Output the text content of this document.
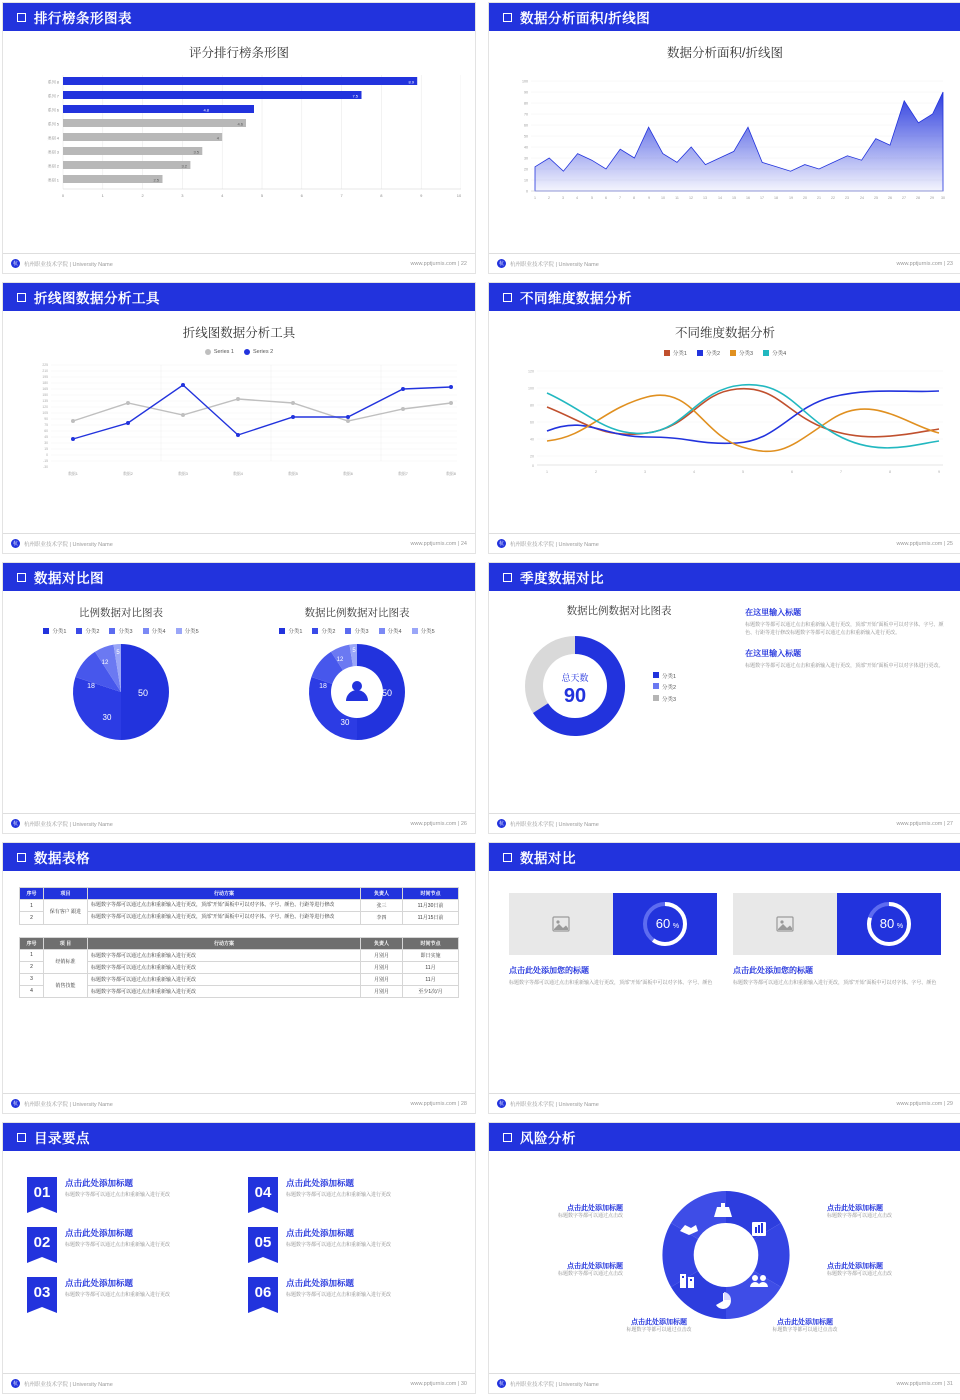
排行榜条形图表
评分排行榜条形图
8.9
7.5
4.8
4.6
4
3.5
3.2
2.5
系列 8
系列 7
系列 6
系列 5
类别 4
类别 3
类别 2
类别 1
0	1	2	3	4	5	6	7	8	9	10
杭	杭州职业技术学院 | University Name	www.pptjurnis.com | 22
数据分析面积/折线图
数据分析面积/折线图
100
90
80
70
60
50
40
30
20
10
0
1	2	3	4	5	6	7	8	9	10	11	12	13	14	15	16	17	18	19	20	21	22	23	24	25	26	27	28	29 30
杭	杭州职业技术学院 | University Name	www.pptjurnis.com | 23
折线图数据分析工具
折线图数据分析工具
Series 1	Series 2
225
210
195
180
165
150
135
120
105
90
75
60
45
30
15
0
-15
-30
数据1	数据2	数据3	数据4	数据5	数据6	数据7	数据8
杭	杭州职业技术学院 | University Name	www.pptjurnis.com | 24
不同维度数据分析
不同维度数据分析
分类1	分类2	分类3	分类4
120
100
80
60
40
20
0
1	2	3	4	5	6	7	8	9
杭	杭州职业技术学院 | University Name	www.pptjurnis.com | 25
数据对比图
比例数据对比图表
分类1	分类2	分类3	分类4	分类5
50
30
18
12
5
数据比例数据对比图表
分类1	分类2	分类3	分类4	分类5
50
30
18
12
5
杭	杭州职业技术学院 | University Name	www.pptjurnis.com | 26
季度数据对比
数据比例数据对比图表
总天数
90
分类1
分类2
分类3
在这里输入标题
标题数字等都可以通过点击和重新输入进行更改，顶部“开始”面板中可以对字体、字号、颜色、行距等进行修改标题数字等都可以通过点击和重新输入进行更改。
在这里输入标题
标题数字等都可以通过点击和重新输入进行更改，顶部“开始”面板中可以对字体进行更改。
杭	杭州职业技术学院 | University Name	www.pptjurnis.com | 27
数据表格
序号	项目	行动方案	负责人	时间节点
1	保有客户 跟进	标题数字等都可以通过点击和重新输入进行更改，顶部“开始”面板中可以对字体、字号、颜色、行距等进行修改	张三	11月30日前
2		标题数字等都可以通过点击和重新输入进行更改，顶部“开始”面板中可以对字体、字号、颜色、行距等进行修改	李四	11月15日前
序号	项 目	行动方案	负责人	时间节点
1	经销标准	标题数字等都可以通过点击和重新输入进行更改	月别月	即日实施
2		标题数字等都可以通过点击和重新输入进行更改	月别月	11月
3	销售技能	标题数字等都可以通过点击和重新输入进行更改	月别月	11月
4		标题数字等都可以通过点击和重新输入进行更改	月别月	至少1次/月
杭	杭州职业技术学院 | University Name	www.pptjurnis.com | 28
数据对比
60 %
点击此处添加您的标题
标题数字等都可以通过点击和重新输入进行更改，顶部“开始”面板中可以对字体、字号、颜色
80 %
点击此处添加您的标题
标题数字等都可以通过点击和重新输入进行更改，顶部“开始”面板中可以对字体、字号、颜色
杭	杭州职业技术学院 | University Name	www.pptjurnis.com | 29
目录要点
01
点击此处添加标题
标题数字等都可以通过点击和重新输入进行更改	04
点击此处添加标题
标题数字等都可以通过点击和重新输入进行更改
02
点击此处添加标题
标题数字等都可以通过点击和重新输入进行更改	05
点击此处添加标题
标题数字等都可以通过点击和重新输入进行更改
03
点击此处添加标题
标题数字等都可以通过点击和重新输入进行更改	06
点击此处添加标题
标题数字等都可以通过点击和重新输入进行更改
杭	杭州职业技术学院 | University Name	www.pptjurnis.com | 30
风险分析
点击此处添加标题
标题数字等都可以通过点击改
点击此处添加标题
标题数字等都可以通过点击改
点击此处添加标题
标题数字等都可以通过点击改
点击此处添加标题
标题数字等都可以通过点击改
点击此处添加标题
标题数字等都可以通过点击改
点击此处添加标题
标题数字等都可以通过点击改
杭	杭州职业技术学院 | University Name	www.pptjurnis.com | 31
